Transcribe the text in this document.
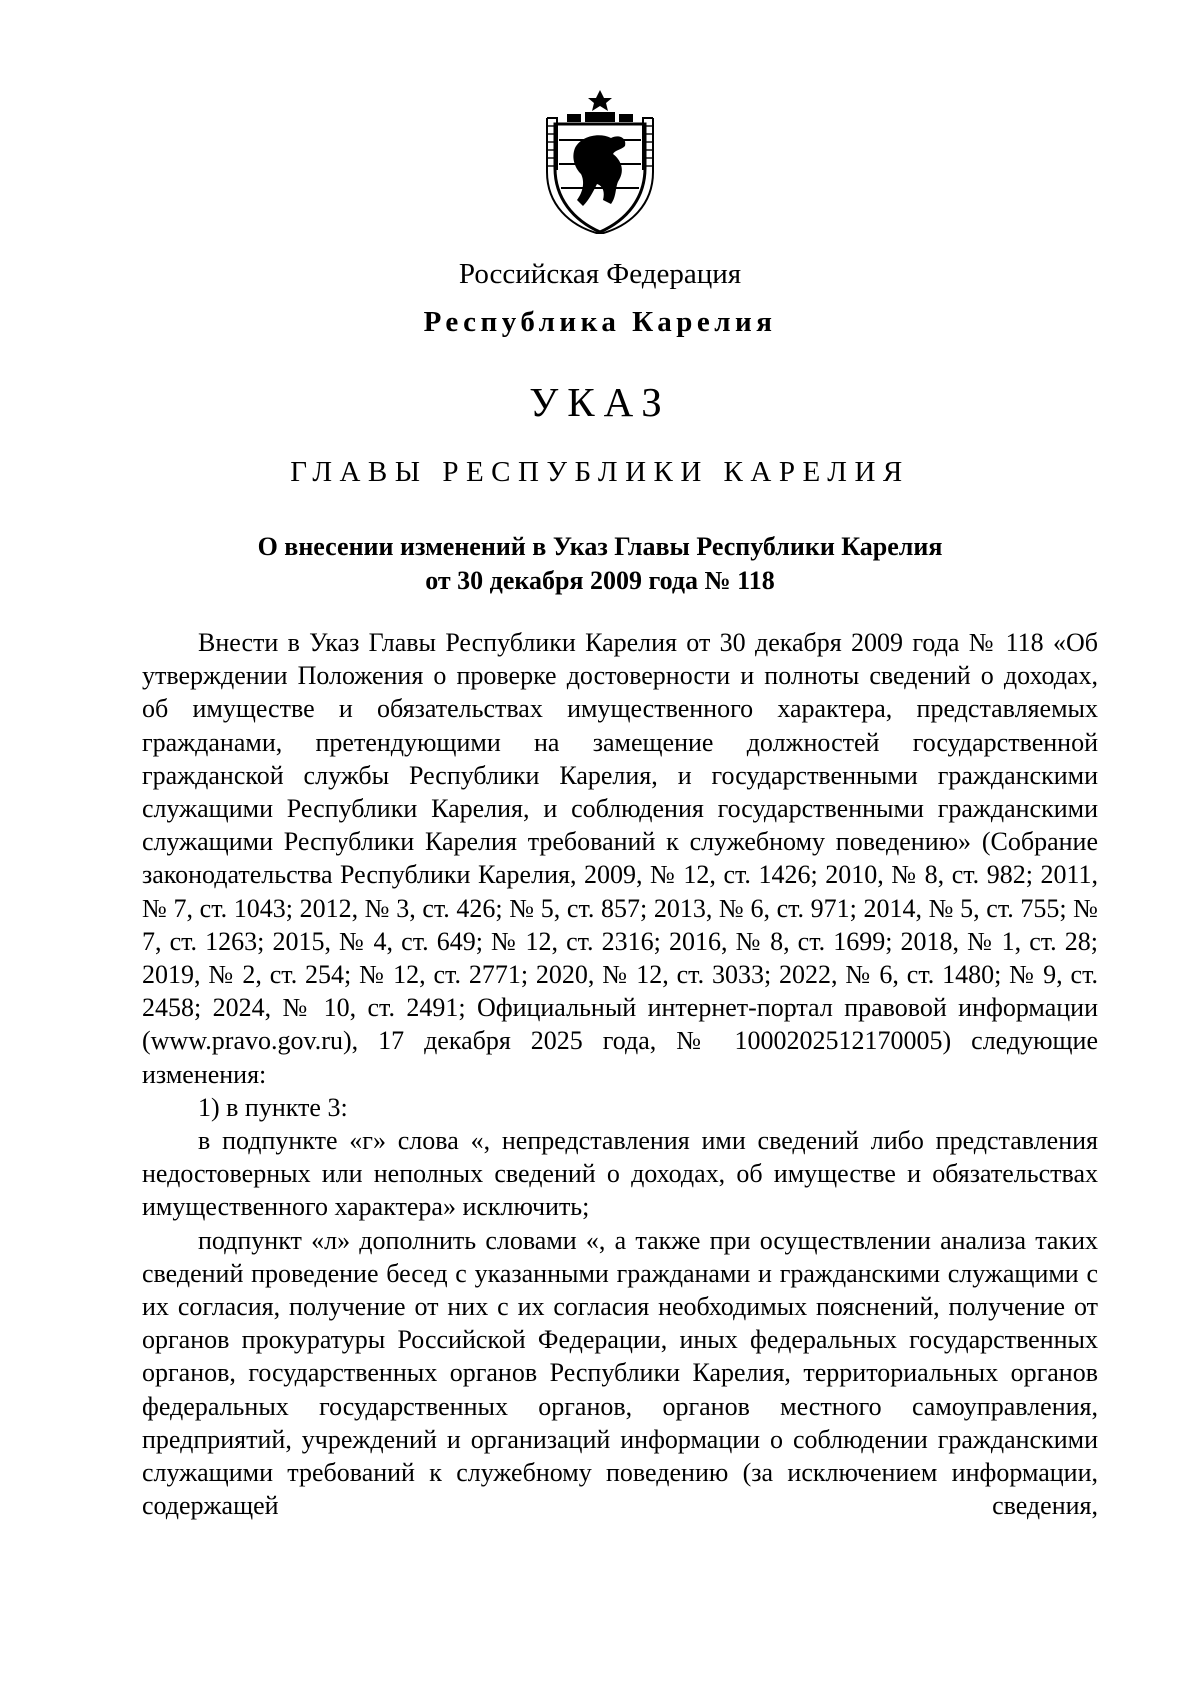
Российская Федерация
Республика Карелия
УКАЗ
ГЛАВЫ РЕСПУБЛИКИ КАРЕЛИЯ
О внесении изменений в Указ Главы Республики Карелия
от 30 декабря 2009 года № 118

Внести в Указ Главы Республики Карелия от 30 декабря 2009 года № 118 «Об утверждении Положения о проверке достоверности и полноты сведений о доходах, об имуществе и обязательствах имущественного характера, представляемых гражданами, претендующими на замещение должностей государственной гражданской службы Республики Карелия, и государственными гражданскими служащими Республики Карелия, и соблюдения государственными гражданскими служащими Республики Карелия требований к служебному поведению» (Собрание законодательства Республики Карелия, 2009, № 12, ст. 1426; 2010, № 8, ст. 982; 2011, № 7, ст. 1043; 2012, № 3, ст. 426; № 5, ст. 857; 2013, № 6, ст. 971; 2014, № 5, ст. 755; № 7, ст. 1263; 2015, № 4, ст. 649; № 12, ст. 2316; 2016, № 8, ст. 1699; 2018, № 1, ст. 28; 2019, № 2, ст. 254; № 12, ст. 2771; 2020, № 12, ст. 3033; 2022, № 6, ст. 1480; № 9, ст. 2458; 2024, № 10, ст. 2491; Официальный интернет-портал правовой информации (www.pravo.gov.ru), 17 декабря 2025 года, № 1000202512170005) следующие изменения:

1) в пункте 3:

в подпункте «г» слова «, непредставления ими сведений либо представления недостоверных или неполных сведений о доходах, об имуществе и обязательствах имущественного характера» исключить;

подпункт «л» дополнить словами «, а также при осуществлении анализа таких сведений проведение бесед с указанными гражданами и гражданскими служащими с их согласия, получение от них с их согласия необходимых пояснений, получение от органов прокуратуры Российской Федерации, иных федеральных государственных органов, государственных органов Республики Карелия, территориальных органов федеральных государственных органов, органов местного самоуправления, предприятий, учреждений и организаций информации о соблюдении гражданскими служащими требований к служебному поведению (за исключением информации, содержащей сведения,
